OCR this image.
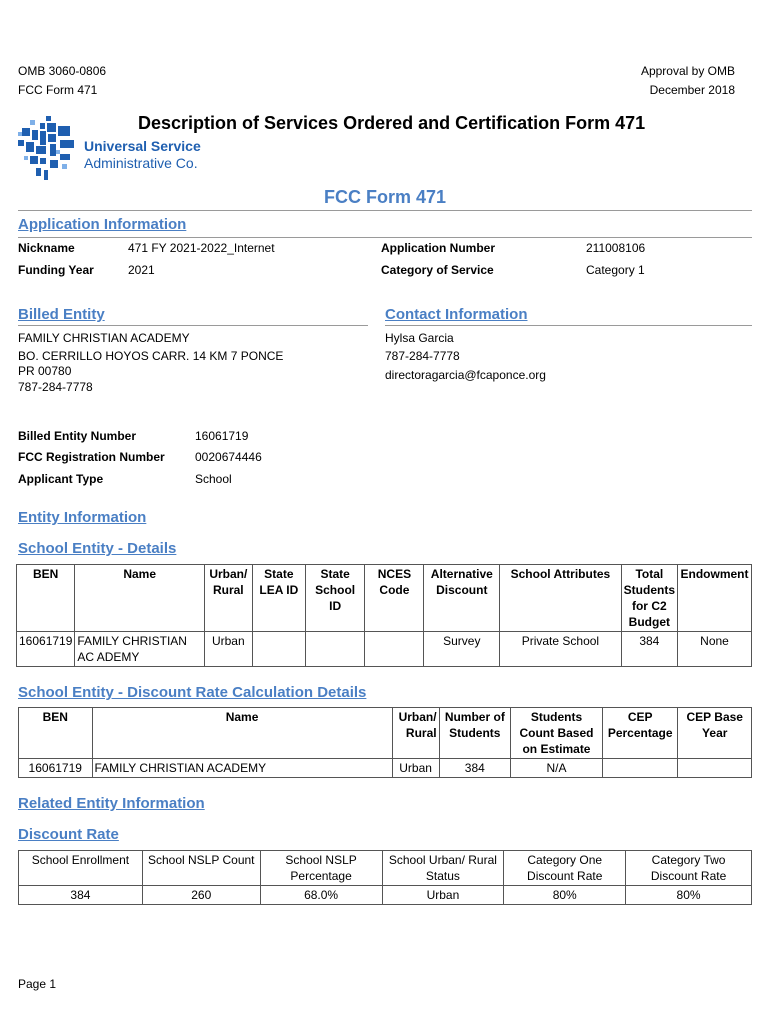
OMB 3060-0806
FCC Form 471
Approval by OMB
December 2018
Universal Service
Administrative Co.
Description of Services Ordered and Certification Form 471
FCC Form 471
Application Information
Nickname	471 FY 2021-2022_Internet	Application Number	211008106
Funding Year	2021	Category of Service	Category 1
Billed Entity	Contact Information
FAMILY CHRISTIAN ACADEMY
BO. CERRILLO HOYOS CARR. 14 KM 7 PONCE
PR 00780
787-284-7778
Hylsa Garcia
787-284-7778
directoragarcia@fcaponce.org
Billed Entity Number	16061719
FCC Registration Number	0020674446
Applicant Type	School
Entity Information
School Entity - Details
BEN	Name	Urban/ Rural	State LEA ID	State School ID	NCES Code	Alternative Discount	School Attributes	Total Students for C2 Budget	Endowment
16061719	FAMILY CHRISTIAN AC ADEMY	Urban				Survey	Private School	384	None
School Entity - Discount Rate Calculation Details
BEN	Name	Urban/ Rural	Number of Students	Students Count Based on Estimate	CEP Percentage	CEP Base Year
16061719	FAMILY CHRISTIAN ACADEMY	Urban	384	N/A		
Related Entity Information
Discount Rate
School Enrollment	School NSLP Count	School NSLP Percentage	School Urban/ Rural Status	Category One Discount Rate	Category Two Discount Rate
384	260	68.0%	Urban	80%	80%
Page 1
